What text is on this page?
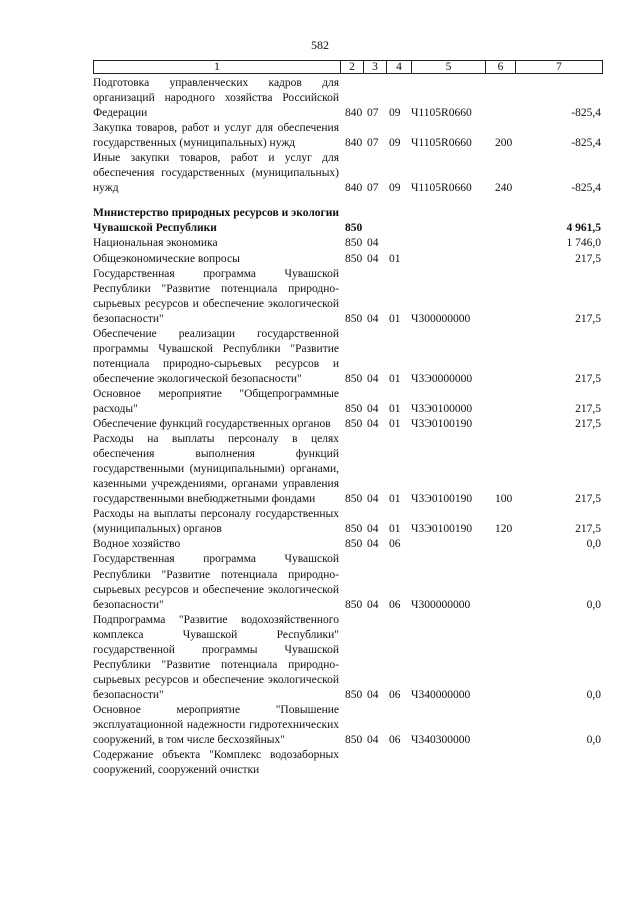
582
1	2	3	4	5	6	7
Подготовка управленческих кадров для организаций народного хозяйства Российской Федерации	840 07 09 Ч1105R0660	-825,4
Закупка товаров, работ и услуг для обеспечения государственных (муниципальных) нужд	840 07 09 Ч1105R0660	200	-825,4
Иные закупки товаров, работ и услуг для обеспечения государственных (муниципальных) нужд	840 07 09 Ч1105R0660	240	-825,4
Министерство природных ресурсов и экологии Чувашской Республики	850	4 961,5
Национальная экономика	850 04	1 746,0
Общеэкономические вопросы	850 04 01	217,5
Государственная программа Чувашской Республики "Развитие потенциала природно-сырьевых ресурсов и обеспечение экологической безопасности"	850 04 01 Ч300000000	217,5
Обеспечение реализации государственной программы Чувашской Республики "Развитие потенциала природно-сырьевых ресурсов и обеспечение экологической безопасности"	850 04 01 Ч3Э0000000	217,5
Основное мероприятие "Общепрограммные расходы"	850 04 01 Ч3Э0100000	217,5
Обеспечение функций государственных органов	850 04 01 Ч3Э0100190	217,5
Расходы на выплаты персоналу в целях обеспечения выполнения функций государственными (муниципальными) органами, казенными учреждениями, органами управления государственными внебюджетными фондами	850 04 01 Ч3Э0100190	100	217,5
Расходы на выплаты персоналу государственных (муниципальных) органов	850 04 01 Ч3Э0100190	120	217,5
Водное хозяйство	850 04 06	0,0
Государственная программа Чувашской Республики "Развитие потенциала природно-сырьевых ресурсов и обеспечение экологической безопасности"	850 04 06 Ч300000000	0,0
Подпрограмма "Развитие водохозяйственного комплекса Чувашской Республики" государственной программы Чувашской Республики "Развитие потенциала природно-сырьевых ресурсов и обеспечение экологической безопасности"	850 04 06 Ч340000000	0,0
Основное мероприятие "Повышение эксплуатационной надежности гидротехнических сооружений, в том числе бесхозяйных"	850 04 06 Ч340300000	0,0
Содержание объекта "Комплекс водозаборных сооружений, сооружений очистки
